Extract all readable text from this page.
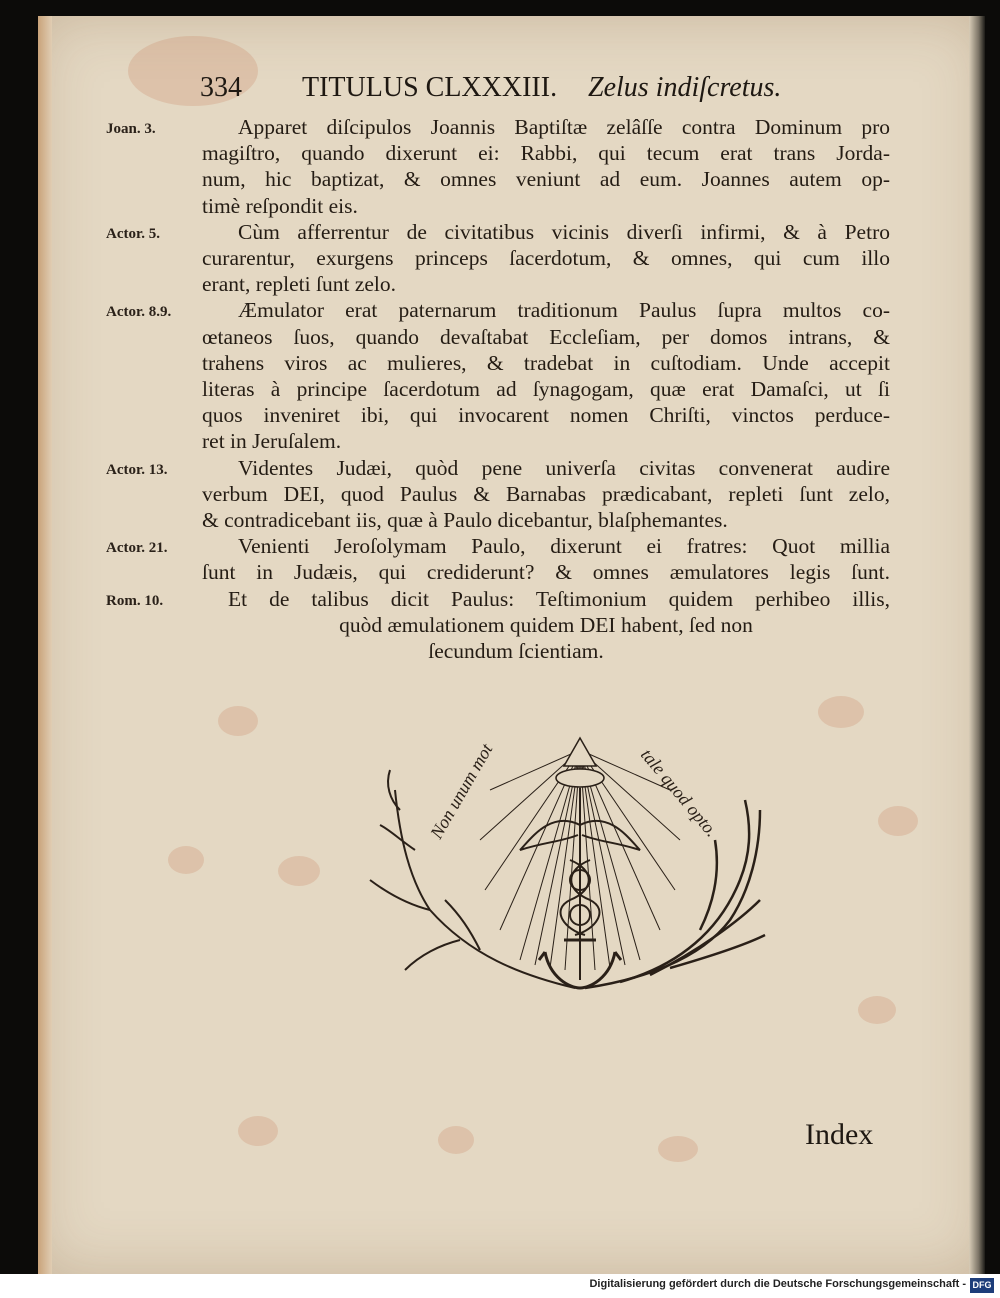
334 TITULUS CLXXXIII. Zelus indiſcretus.
Joan. 3.	Apparet diſcipulos Joannis Baptiſtæ zelâſſe contra Dominum pro
magiſtro, quando dixerunt ei: Rabbi, qui tecum erat trans Jorda-
num, hic baptizat, & omnes veniunt ad eum. Joannes autem op-
timè reſpondit eis.
Actor. 5.	Cùm afferrentur de civitatibus vicinis diverſi infirmi, & à Petro
curarentur, exurgens princeps ſacerdotum, & omnes, qui cum illo
erant, repleti ſunt zelo.
Actor. 8.9.	Æmulator erat paternarum traditionum Paulus ſupra multos co-
œtaneos ſuos, quando devaſtabat Eccleſiam, per domos intrans, &
trahens viros ac mulieres, & tradebat in cuſtodiam. Unde accepit
literas à principe ſacerdotum ad ſynagogam, quæ erat Damaſci, ut ſi
quos inveniret ibi, qui invocarent nomen Chriſti, vinctos perduce-
ret in Jeruſalem.
Actor. 13.	Videntes Judæi, quòd pene univerſa civitas convenerat audire
verbum DEI, quod Paulus & Barnabas prædicabant, repleti ſunt zelo,
& contradicebant iis, quæ à Paulo dicebantur, blaſphemantes.
Actor. 21.	Venienti Jeroſolymam Paulo, dixerunt ei fratres: Quot millia
ſunt in Judæis, qui crediderunt? & omnes æmulatores legis ſunt.
Rom. 10.	Et de talibus dicit Paulus: Teſtimonium quidem perhibeo illis,
quòd æmulationem quidem DEI habent, ſed non
ſecundum ſcientiam.
Non unum mot	tale quod opto.
Index
Digitalisierung gefördert durch die Deutsche Forschungsgemeinschaft - DFG
